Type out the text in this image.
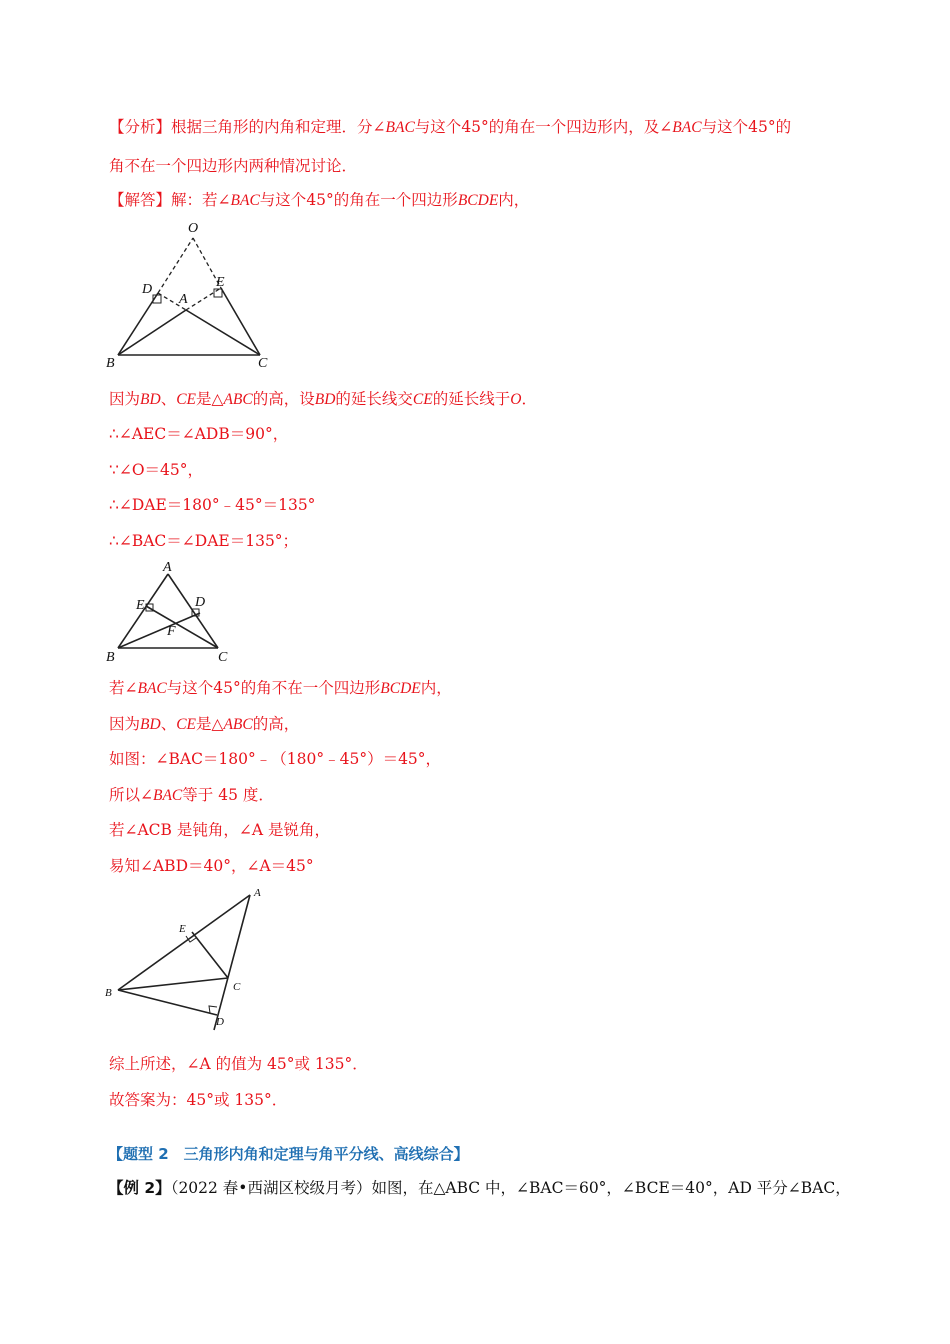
【分析】根据三角形的内角和定理．分∠BAC与这个45°的角在一个四边形内，及∠BAC与这个45°的
角不在一个四边形内两种情况讨论．
【解答】解：若∠BAC与这个45°的角在一个四边形BCDE内，
O
D	E
A
B	C
因为BD、CE是△ABC的高，设BD的延长线交CE的延长线于O．
∴∠AEC＝∠ADB＝90°，
∵∠O＝45°，
∴∠DAE＝180°﹣45°＝135°
∴∠BAC＝∠DAE＝135°；
A
E	D
F
B	C
若∠BAC与这个45°的角不在一个四边形BCDE内，
因为BD、CE是△ABC的高，
如图：∠BAC＝180°﹣（180°﹣45°）＝45°，
所以∠BAC等于 45 度．
若∠ACB 是钝角，∠A 是锐角，
易知∠ABD＝40°，∠A＝45°
A
E
B	C
D
综上所述，∠A 的值为 45°或 135°．
故答案为：45°或 135°．
【题型 2　三角形内角和定理与角平分线、高线综合】
【例 2】（2022 春•西湖区校级月考）如图，在△ABC 中，∠BAC＝60°，∠BCE＝40°，AD 平分∠BAC，
